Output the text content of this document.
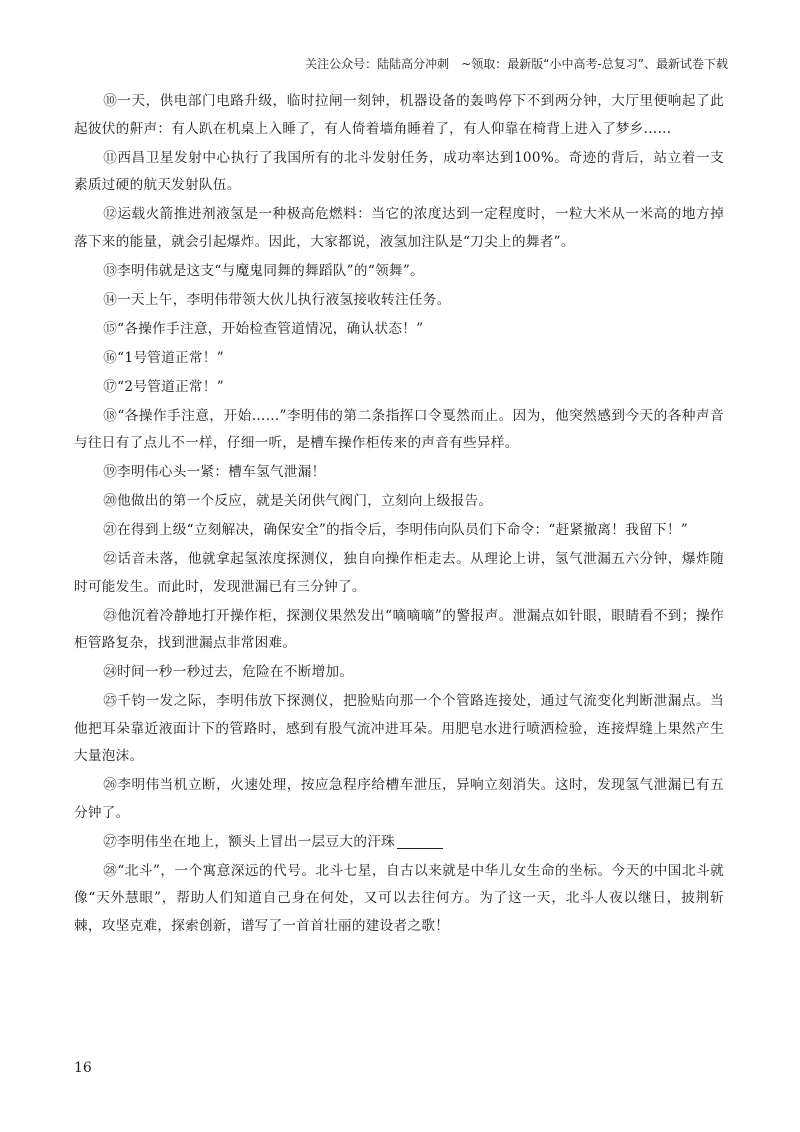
关注公众号：陆陆高分冲刺　~领取：最新版“小中高考-总复习”、最新试卷下载

⑩一天，供电部门电路升级，临时拉闸一刻钟，机器设备的轰鸣停下不到两分钟，大厅里便响起了此起彼伏的鼾声：有人趴在机桌上入睡了，有人倚着墙角睡着了，有人仰靠在椅背上进入了梦乡……

⑪西昌卫星发射中心执行了我国所有的北斗发射任务，成功率达到100%。奇迹的背后，站立着一支素质过硬的航天发射队伍。

⑫运载火箭推进剂液氢是一种极高危燃料：当它的浓度达到一定程度时，一粒大米从一米高的地方掉落下来的能量，就会引起爆炸。因此，大家都说，液氢加注队是“刀尖上的舞者”。

⑬李明伟就是这支“与魔鬼同舞的舞蹈队”的“领舞”。

⑭一天上午，李明伟带领大伙儿执行液氢接收转注任务。

⑮“各操作手注意，开始检查管道情况，确认状态！”

⑯“1号管道正常！”

⑰“2号管道正常！”

⑱“各操作手注意，开始……”李明伟的第二条指挥口令戛然而止。因为，他突然感到今天的各种声音与往日有了点儿不一样，仔细一听，是槽车操作柜传来的声音有些异样。

⑲李明伟心头一紧：槽车氢气泄漏！

⑳他做出的第一个反应，就是关闭供气阀门，立刻向上级报告。

㉑在得到上级“立刻解决，确保安全”的指令后，李明伟向队员们下命令：“赶紧撤离！我留下！”

㉒话音未落，他就拿起氢浓度探测仪，独自向操作柜走去。从理论上讲，氢气泄漏五六分钟，爆炸随时可能发生。而此时，发现泄漏已有三分钟了。

㉓他沉着冷静地打开操作柜，探测仪果然发出“嘀嘀嘀”的警报声。泄漏点如针眼，眼睛看不到；操作柜管路复杂，找到泄漏点非常困难。

㉔时间一秒一秒过去，危险在不断增加。

㉕千钧一发之际，李明伟放下探测仪，把脸贴向那一个个管路连接处，通过气流变化判断泄漏点。当他把耳朵靠近液面计下的管路时，感到有股气流冲进耳朵。用肥皂水进行喷洒检验，连接焊缝上果然产生大量泡沫。

㉖李明伟当机立断，火速处理，按应急程序给槽车泄压，异响立刻消失。这时，发现氢气泄漏已有五分钟了。

㉗李明伟坐在地上，额头上冒出一层豆大的汗珠

㉘“北斗”，一个寓意深远的代号。北斗七星，自古以来就是中华儿女生命的坐标。今天的中国北斗就像“天外慧眼”，帮助人们知道自己身在何处，又可以去往何方。为了这一天，北斗人夜以继日，披荆斩棘，攻坚克难，探索创新，谱写了一首首壮丽的建设者之歌！

16
